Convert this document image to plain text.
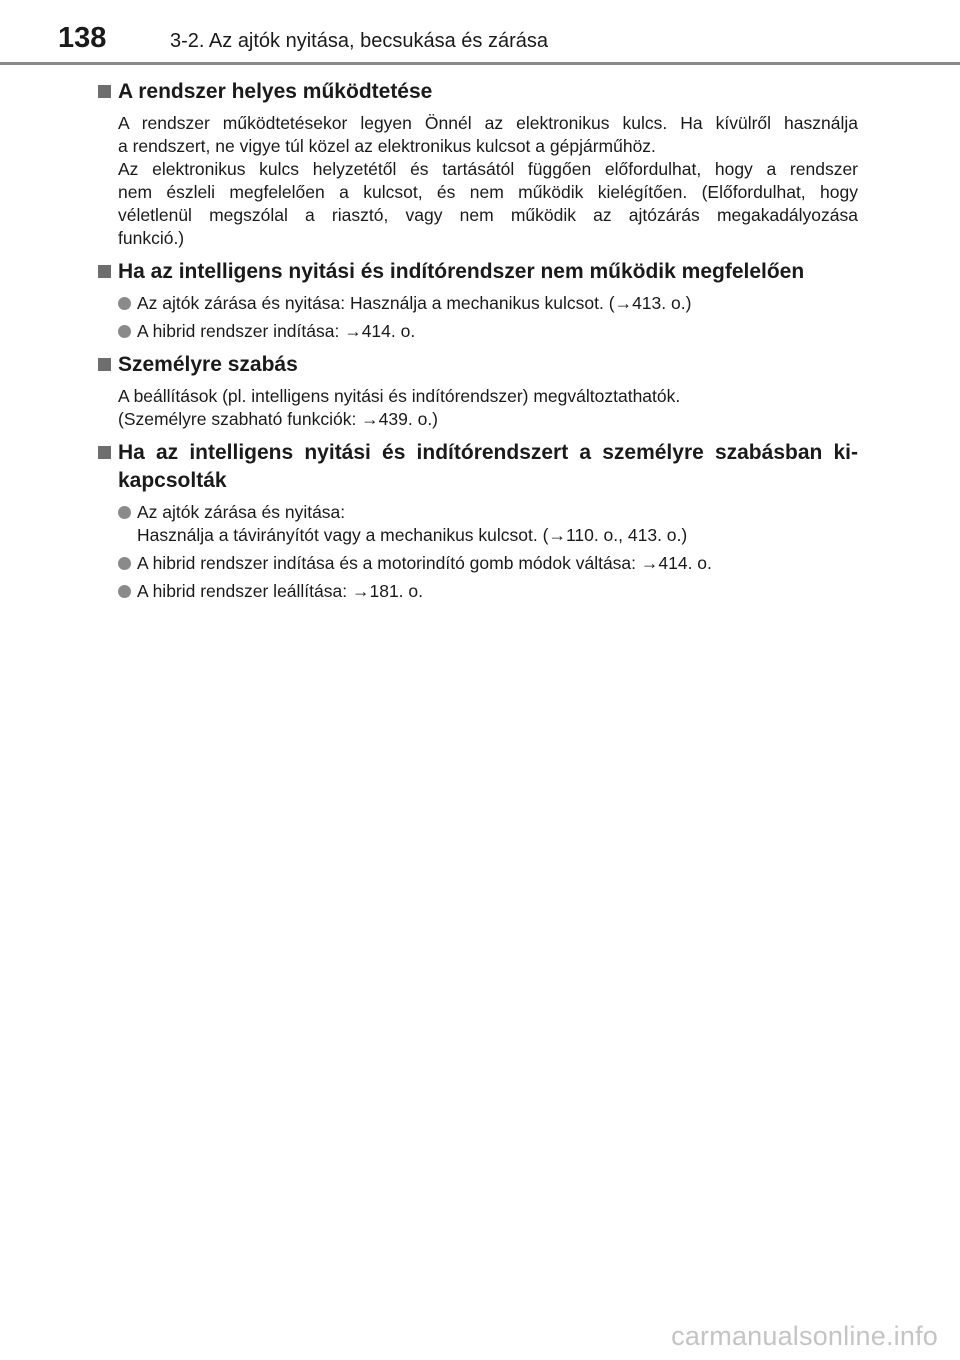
138	3-2. Az ajtók nyitása, becsukása és zárása
A rendszer helyes működtetése
A rendszer működtetésekor legyen Önnél az elektronikus kulcs. Ha kívülről használja
a rendszert, ne vigye túl közel az elektronikus kulcsot a gépjárműhöz.
Az elektronikus kulcs helyzetétől és tartásától függően előfordulhat, hogy a rendszer
nem észleli megfelelően a kulcsot, és nem működik kielégítően. (Előfordulhat, hogy
véletlenül megszólal a riasztó, vagy nem működik az ajtózárás megakadályozása
funkció.)
Ha az intelligens nyitási és indítórendszer nem működik megfelelően
Az ajtók zárása és nyitása: Használja a mechanikus kulcsot. (→413. o.)
A hibrid rendszer indítása: →414. o.
Személyre szabás
A beállítások (pl. intelligens nyitási és indítórendszer) megváltoztathatók.
(Személyre szabható funkciók: →439. o.)
Ha az intelligens nyitási és indítórendszert a személyre szabásban ki-
kapcsolták
Az ajtók zárása és nyitása:
Használja a távirányítót vagy a mechanikus kulcsot. (→110. o., 413. o.)
A hibrid rendszer indítása és a motorindító gomb módok váltása: →414. o.
A hibrid rendszer leállítása: →181. o.
carmanualsonline.info
